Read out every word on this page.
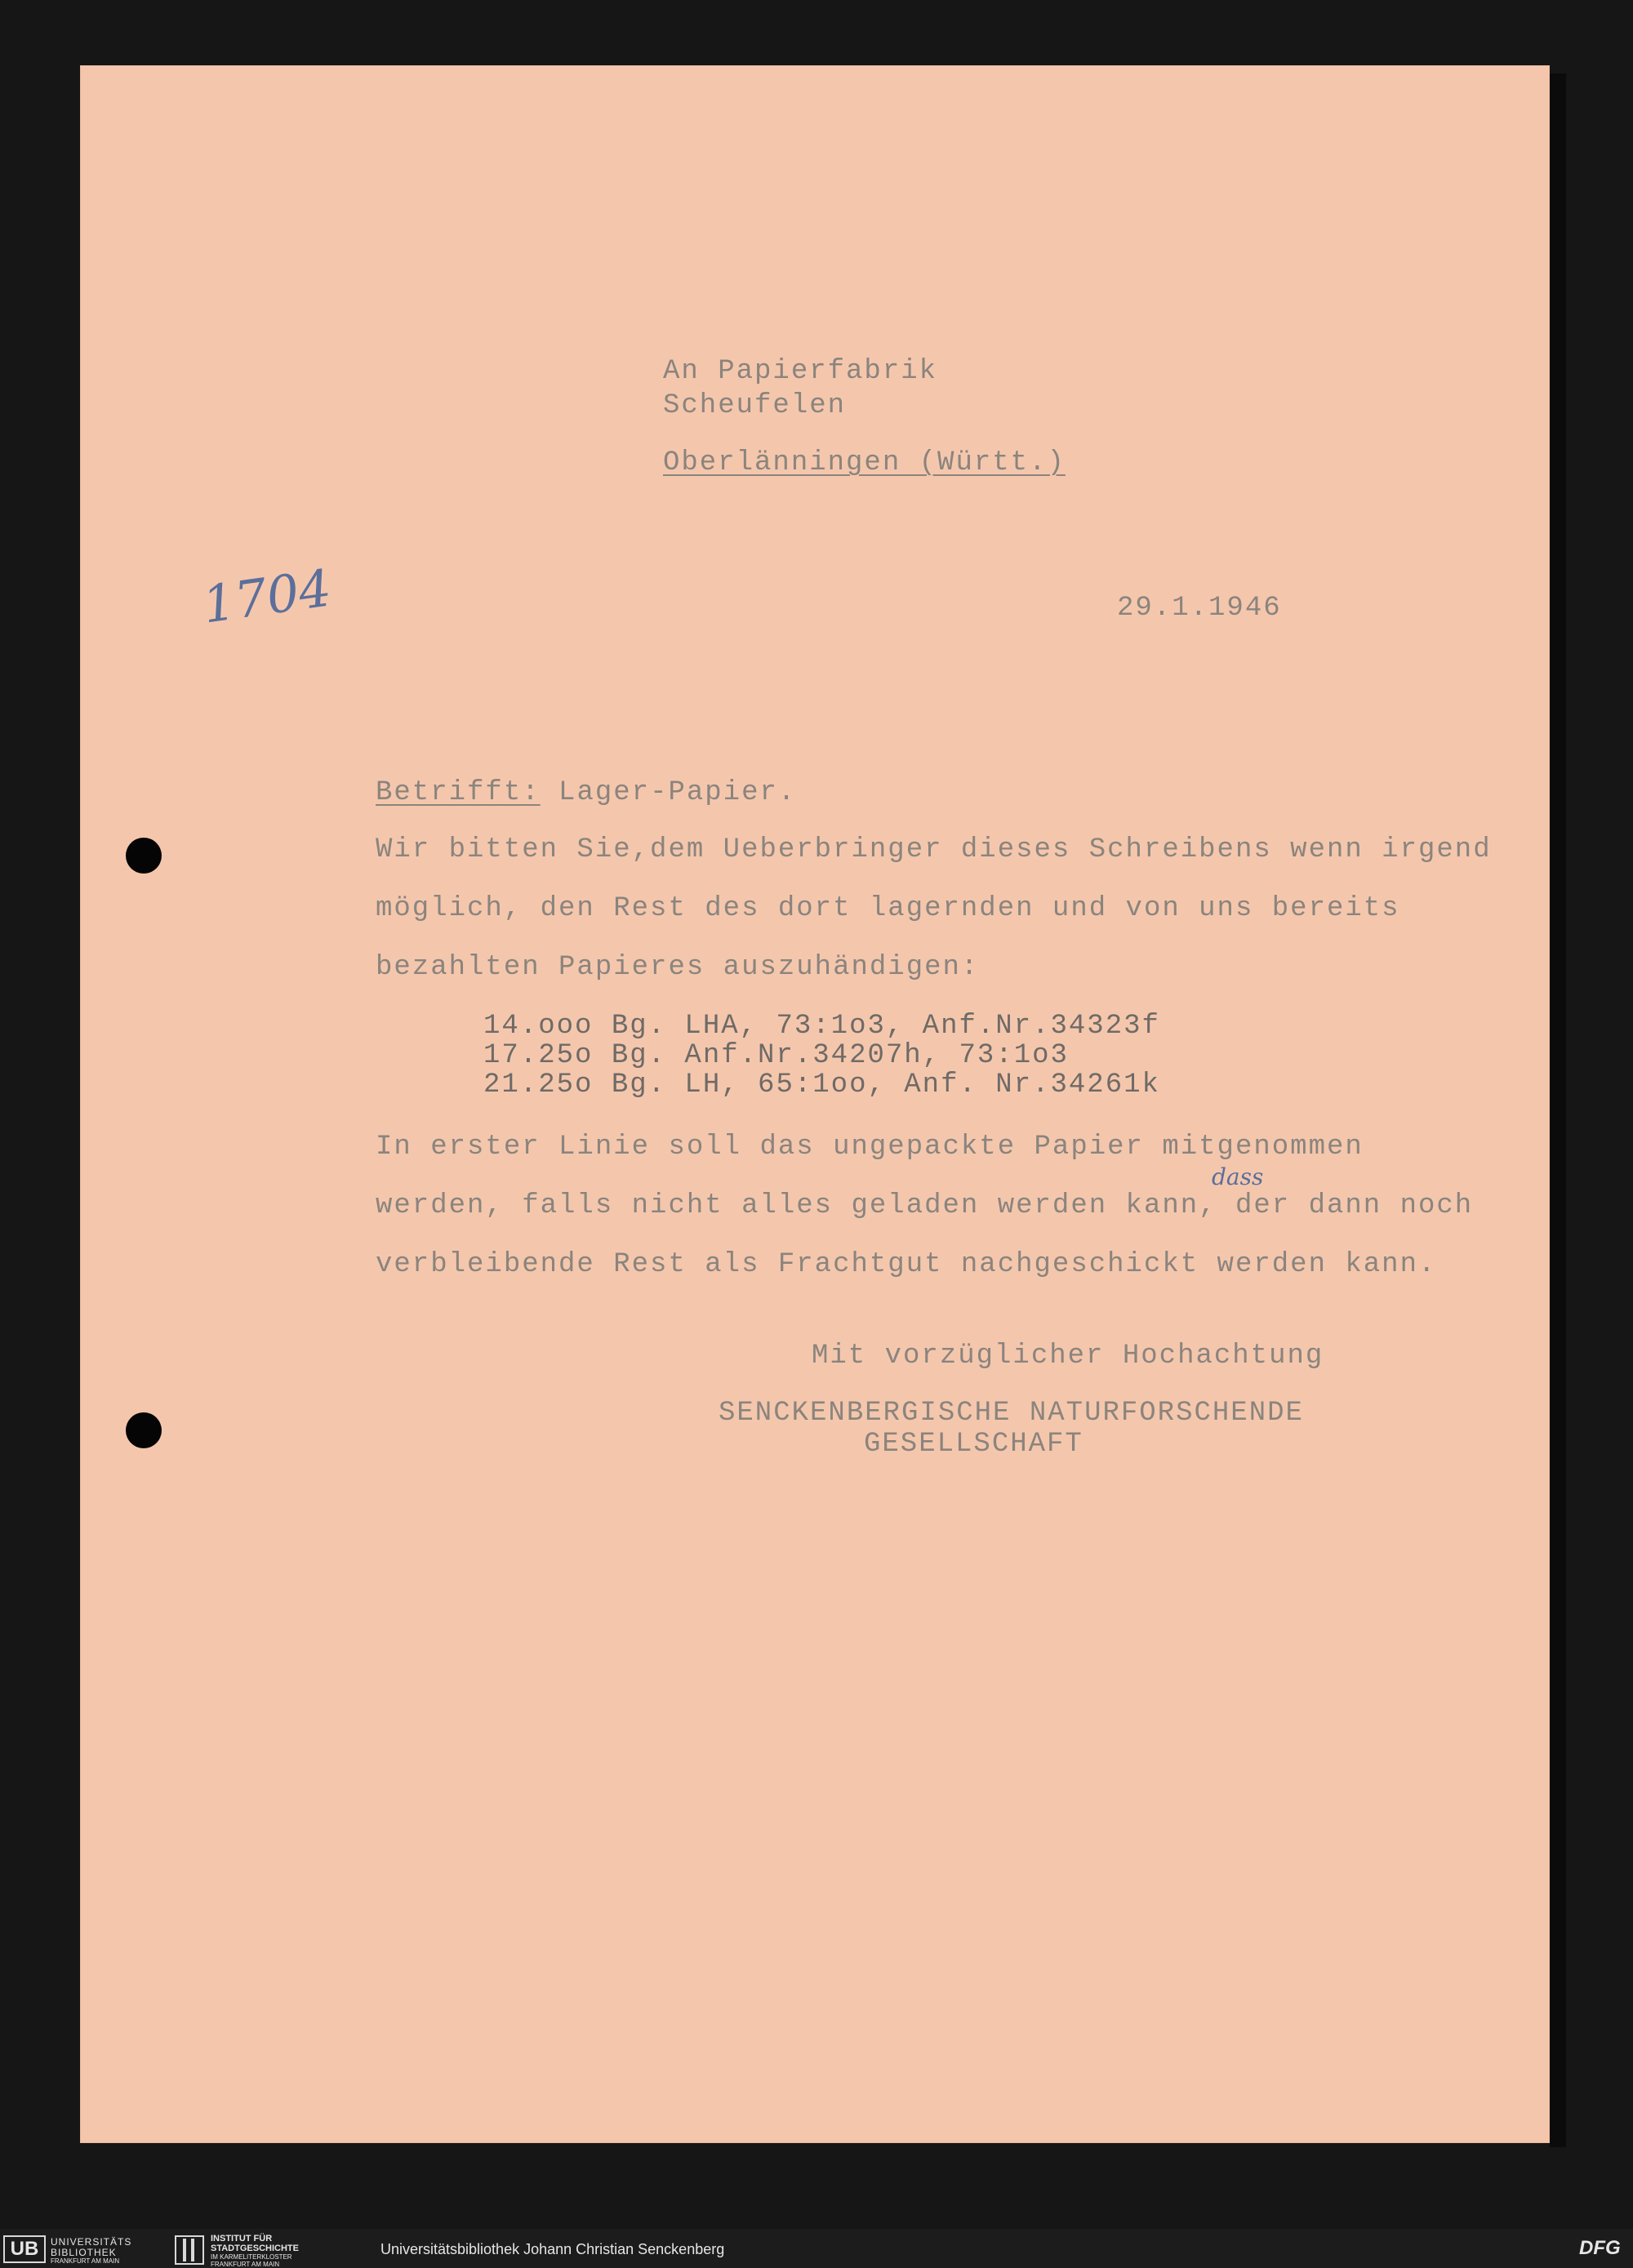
An Papierfabrik
Scheufelen
Oberlänningen (Württ.)
1704	29.1.1946
Betrifft: Lager-Papier.
Wir bitten Sie,dem Ueberbringer dieses Schreibens wenn irgend
möglich, den Rest des dort lagernden und von uns bereits
bezahlten Papieres auszuhändigen:
14.ooo Bg. LHA, 73:1o3, Anf.Nr.34323f
17.25o Bg. Anf.Nr.34207h, 73:1o3
21.25o Bg. LH, 65:1oo, Anf. Nr.34261k
In erster Linie soll das ungepackte Papier mitgenommen
dass
werden, falls nicht alles geladen werden kann, der dann noch
verbleibende Rest als Frachtgut nachgeschickt werden kann.
Mit vorzüglicher Hochachtung
SENCKENBERGISCHE NATURFORSCHENDE
GESELLSCHAFT
UB	UNIVERSITÄTS
BIBLIOTHEK
FRANKFURT AM MAIN
INSTITUT FÜR
STADTGESCHICHTE
IM KARMELITERKLOSTER
FRANKFURT AM MAIN
Universitätsbibliothek Johann Christian Senckenberg	DFG
